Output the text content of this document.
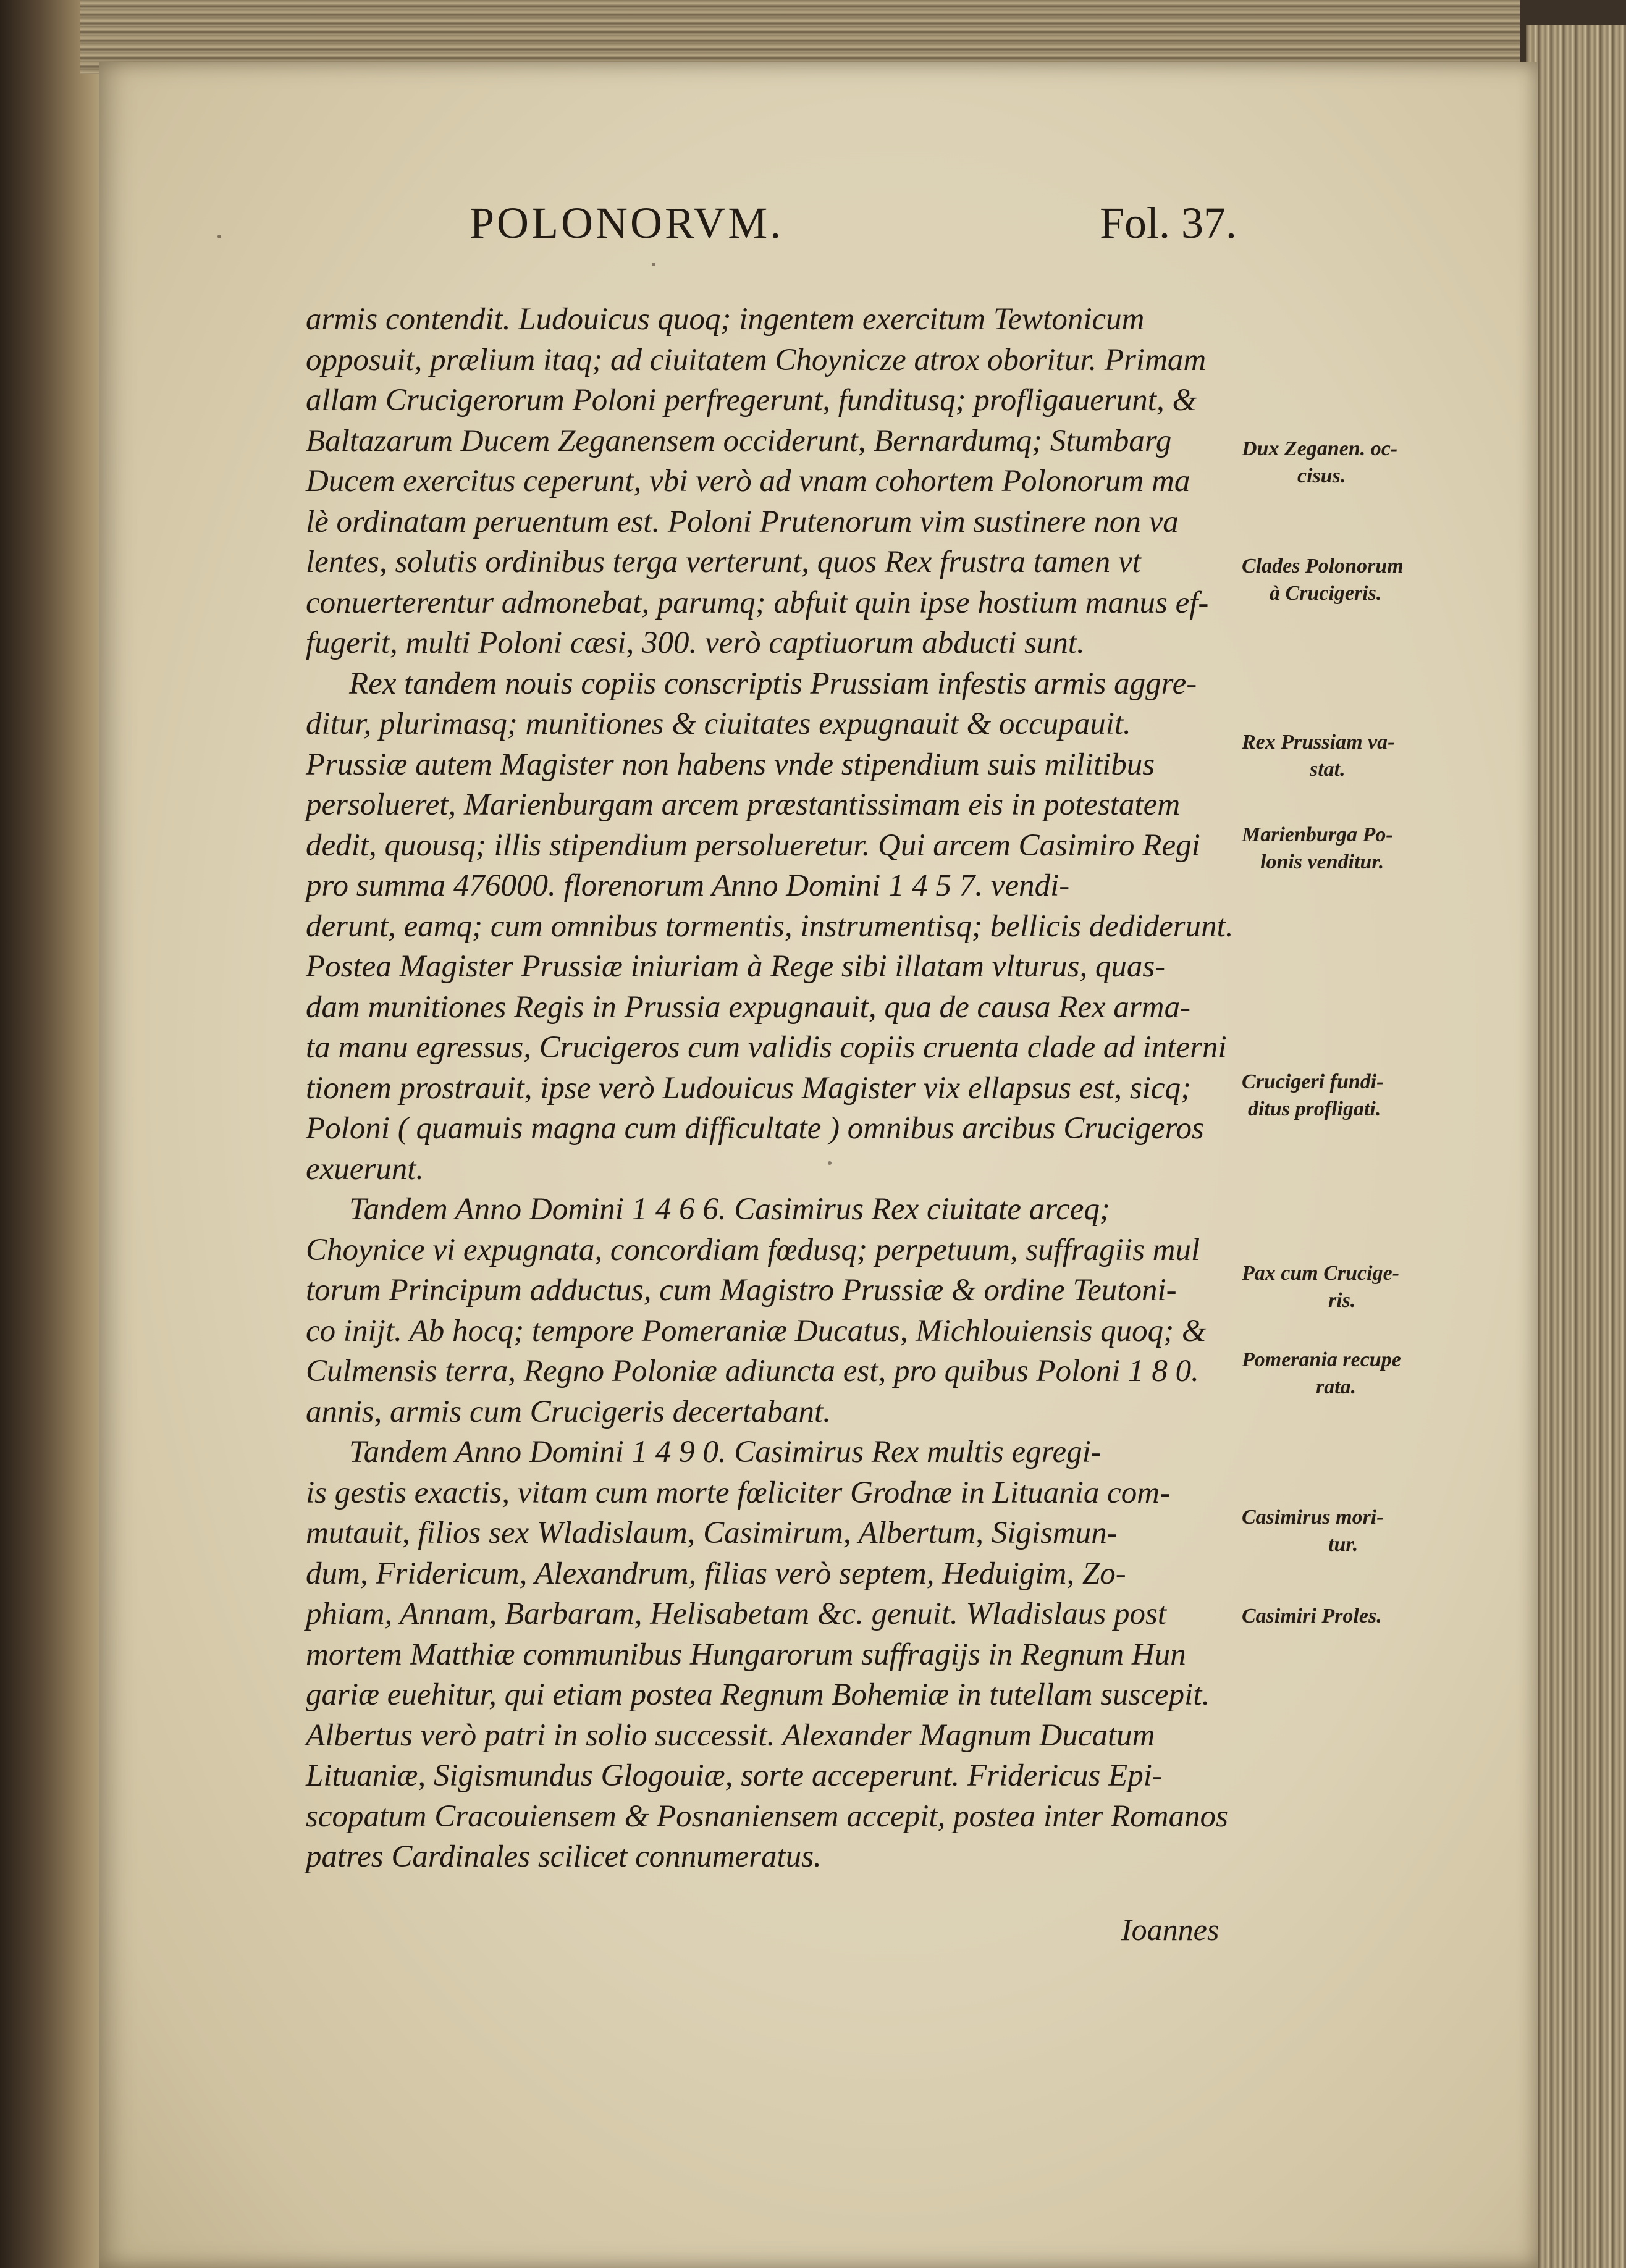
POLONORVM.	Fol. 37.
armis contendit. Ludouicus quoq; ingentem exercitum Tewtonicum
opposuit, prælium itaq; ad ciuitatem Choynicze atrox oboritur. Primam
allam Crucigerorum Poloni perfregerunt, funditusq; profligauerunt, &
Baltazarum Ducem Zeganensem occiderunt, Bernardumq; Stumbarg
Ducem exercitus ceperunt, vbi verò ad vnam cohortem Polonorum ma
lè ordinatam peruentum est. Poloni Prutenorum vim sustinere non va
lentes, solutis ordinibus terga verterunt, quos Rex frustra tamen vt
conuerterentur admonebat, parumq; abfuit quin ipse hostium manus ef-
fugerit, multi Poloni cæsi, 300. verò captiuorum abducti sunt.
Rex tandem nouis copiis conscriptis Prussiam infestis armis aggre-
ditur, plurimasq; munitiones & ciuitates expugnauit & occupauit.
Prussiæ autem Magister non habens vnde stipendium suis militibus
persolueret, Marienburgam arcem præstantissimam eis in potestatem
dedit, quousq; illis stipendium persolueretur. Qui arcem Casimiro Regi
pro summa 476000. florenorum Anno Domini 1 4 5 7. vendi-
derunt, eamq; cum omnibus tormentis, instrumentisq; bellicis dediderunt.
Postea Magister Prussiæ iniuriam à Rege sibi illatam vlturus, quas-
dam munitiones Regis in Prussia expugnauit, qua de causa Rex arma-
ta manu egressus, Crucigeros cum validis copiis cruenta clade ad interni
tionem prostrauit, ipse verò Ludouicus Magister vix ellapsus est, sicq;
Poloni ( quamuis magna cum difficultate ) omnibus arcibus Crucigeros
exuerunt.
Tandem Anno Domini 1 4 6 6. Casimirus Rex ciuitate arceq;
Choynice vi expugnata, concordiam fœdusq; perpetuum, suffragiis mul
torum Principum adductus, cum Magistro Prussiæ & ordine Teutoni-
co inijt. Ab hocq; tempore Pomeraniæ Ducatus, Michlouiensis quoq; &
Culmensis terra, Regno Poloniæ adiuncta est, pro quibus Poloni 1 8 0.
annis, armis cum Crucigeris decertabant.
Tandem Anno Domini 1 4 9 0. Casimirus Rex multis egregi-
is gestis exactis, vitam cum morte fœliciter Grodnæ in Lituania com-
mutauit, filios sex Wladislaum, Casimirum, Albertum, Sigismun-
dum, Fridericum, Alexandrum, filias verò septem, Heduigim, Zo-
phiam, Annam, Barbaram, Helisabetam &c. genuit. Wladislaus post
mortem Matthiæ communibus Hungarorum suffragijs in Regnum Hun
gariæ euehitur, qui etiam postea Regnum Bohemiæ in tutellam suscepit.
Albertus verò patri in solio successit. Alexander Magnum Ducatum
Lituaniæ, Sigismundus Glogouiæ, sorte acceperunt. Fridericus Epi-
scopatum Cracouiensem & Posnaniensem accepit, postea inter Romanos
patres Cardinales scilicet connumeratus.
Ioannes
Dux Zeganen. oc-
cisus.
Clades Polonorum
à Crucigeris.
Rex Prussiam va-
stat.
Marienburga Po-
lonis venditur.
Crucigeri fundi-
ditus profligati.
Pax cum Crucige-
ris.
Pomerania recupe
rata.
Casimirus mori-
tur.
Casimiri Proles.
